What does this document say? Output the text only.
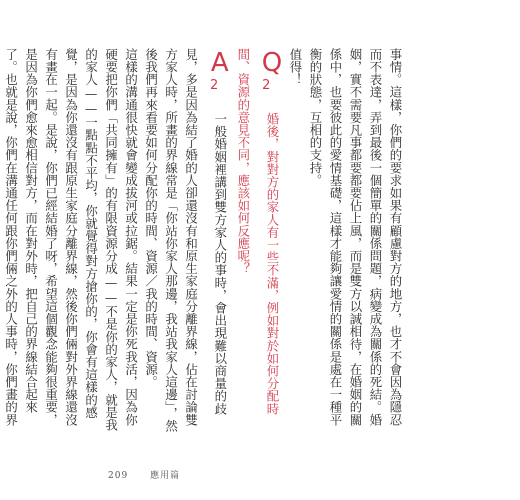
事情。這樣，你們的要求如果有顧慮對方的地方，也才不會因為隱忍而不表達，弄到最後一個簡單的關係問題，病變成為關係的死結。婚姻，實不需要凡事都要都要佔上風，而是雙方以誠相待，在婚姻的關係中，也要彼此的愛情基礎，這樣才能夠讓愛情的關係是處在一種平衡的狀態，互相的支持。

值得！

$Q_2$ 婚後，對對方的家人有一些不滿，例如對於如何分配時間、資源的意見不同，應該如何反應呢？

$A_2$ 一般婚姻裡講到雙方家人的事時，會出現難以商量的歧見，多是因為結了婚的人卻還沒有和原生家庭分離界線，佔在討論雙方家人時，所畫的界線常是「你站你家人那邊，我站我家人這邊」，然後我們再來看要如何分配你的時間、資源／我的時間、資源。

這樣的溝通很快就會變成拔河或拉鋸。結果一定是你死我活，因為你硬要把你們「共同擁有」的有限資源分成——不是你的家人，就是我的家人——一點點不平均，你就覺得對方搶你的，你會有這樣的感覺，是因為你還沒有跟原生家庭分離界線，然後你們倆對外界線還沒有畫在一起。是說，你們已經結婚了呀，希望這個觀念能夠很重要，是因為你們愈來愈相信對方，而在對外時，把自己的界線結合起來了。也就是說，你們在溝通任何跟你們倆之外的人事時，你們畫的界

209 應用篇
